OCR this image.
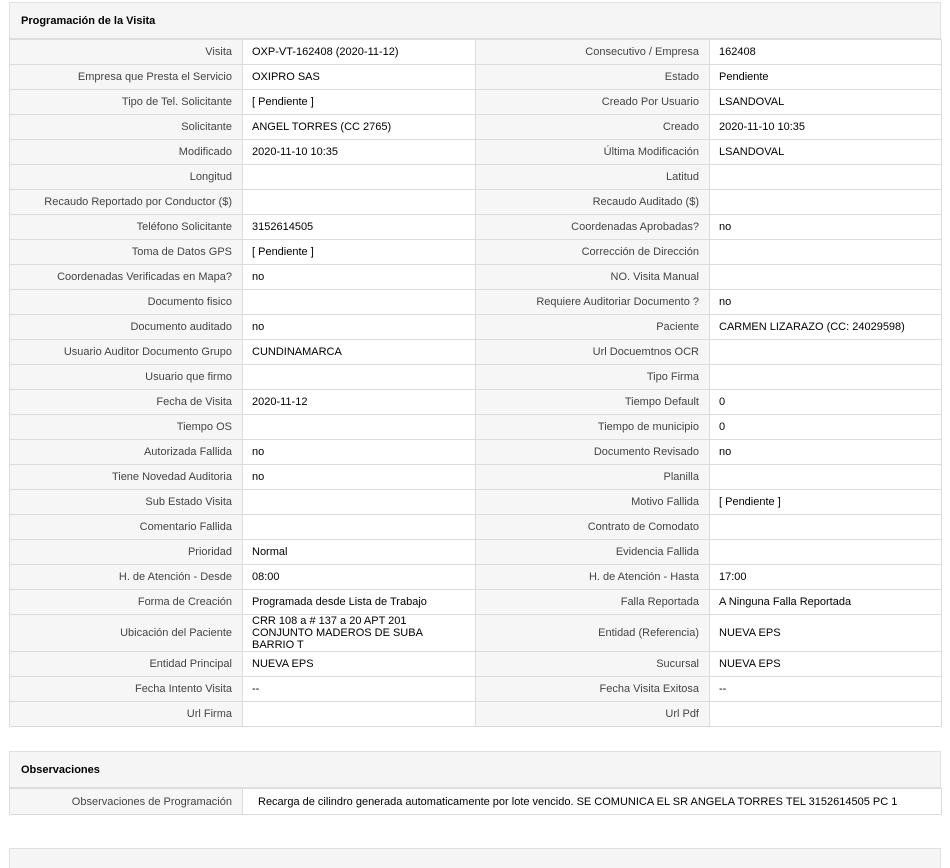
Programación de la Visita
Visita	OXP-VT-162408 (2020-11-12)	Consecutivo / Empresa	162408
Empresa que Presta el Servicio	OXIPRO SAS	Estado	Pendiente
Tipo de Tel. Solicitante	[ Pendiente ]	Creado Por Usuario	LSANDOVAL
Solicitante	ANGEL TORRES (CC 2765)	Creado	2020-11-10 10:35
Modificado	2020-11-10 10:35	Última Modificación	LSANDOVAL
Longitud		Latitud	
Recaudo Reportado por Conductor ($)		Recaudo Auditado ($)	
Teléfono Solicitante	3152614505	Coordenadas Aprobadas?	no
Toma de Datos GPS	[ Pendiente ]	Corrección de Dirección	
Coordenadas Verificadas en Mapa?	no	NO. Visita Manual	
Documento fisico		Requiere Auditoriar Documento ?	no
Documento auditado	no	Paciente	CARMEN LIZARAZO (CC: 24029598)
Usuario Auditor Documento Grupo	CUNDINAMARCA	Url Docuemtnos OCR	
Usuario que firmo		Tipo Firma	
Fecha de Visita	2020-11-12	Tiempo Default	0
Tiempo OS		Tiempo de municipio	0
Autorizada Fallida	no	Documento Revisado	no
Tiene Novedad Auditoria	no	Planilla	
Sub Estado Visita		Motivo Fallida	[ Pendiente ]
Comentario Fallida		Contrato de Comodato	
Prioridad	Normal	Evidencia Fallida	
H. de Atención - Desde	08:00	H. de Atención - Hasta	17:00
Forma de Creación	Programada desde Lista de Trabajo	Falla Reportada	A Ninguna Falla Reportada
Ubicación del Paciente	CRR 108 a # 137 a 20 APT 201 CONJUNTO MADEROS DE SUBA BARRIO T	Entidad (Referencia)	NUEVA EPS
Entidad Principal	NUEVA EPS	Sucursal	NUEVA EPS
Fecha Intento Visita	--	Fecha Visita Exitosa	--
Url Firma		Url Pdf	
Observaciones
Observaciones de Programación	Recarga de cilindro generada automaticamente por lote vencido. SE COMUNICA EL SR ANGELA TORRES TEL 3152614505 PC 1
